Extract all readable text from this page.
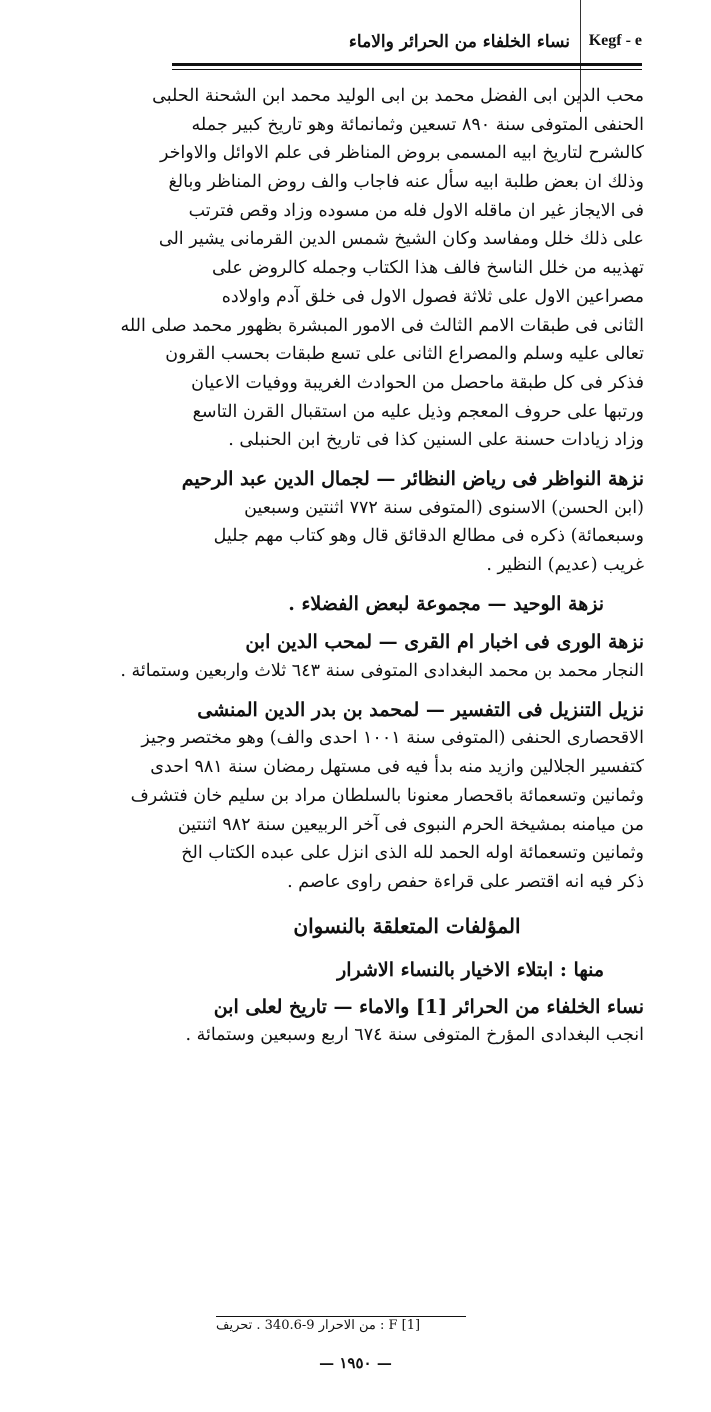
نساء الخلفاء من الحرائر والاماء Kegf - e
محب الدين ابى الفضل محمد بن ابى الوليد محمد ابن الشحنة الحلبى
الحنفى المتوفى سنة ٨٩٠ تسعين وثمانمائة وهو تاريخ كبير جمله
كالشرح لتاريخ ابيه المسمى بروض المناظر فى علم الاوائل والاواخر
وذلك ان بعض طلبة ابيه سأل عنه فاجاب والف روض المناظر وبالغ
فى الايجاز غير ان ماقله الاول فله من مسوده وزاد وقص فترتب
على ذلك خلل ومفاسد وكان الشيخ شمس الدين القرمانى يشير الى
تهذيبه من خلل الناسخ فالف هذا الكتاب وجمله كالروض على
مصراعين الاول على ثلاثة فصول الاول فى خلق آدم واولاده
الثانى فى طبقات الامم الثالث فى الامور المبشرة بظهور محمد صلى الله
تعالى عليه وسلم والمصراع الثانى على تسع طبقات بحسب القرون
فذكر فى كل طبقة ماحصل من الحوادث الغريبة ووفيات الاعيان
ورتبها على حروف المعجم وذيل عليه من استقبال القرن التاسع
وزاد زيادات حسنة على السنين كذا فى تاريخ ابن الحنبلى .
نزهة النواظر فى رياض النظائر — لجمال الدين عبد الرحيم
(ابن الحسن) الاسنوى (المتوفى سنة ٧٧٢ اثنتين وسبعين
وسبعمائة) ذكره فى مطالع الدقائق قال وهو كتاب مهم جليل
غريب (عديم) النظير .
نزهة الوحيد — مجموعة لبعض الفضلاء .
نزهة الورى فى اخبار ام القرى — لمحب الدين ابن
النجار محمد بن محمد البغدادى المتوفى سنة ٦٤٣ ثلاث واربعين وستمائة .
نزيل التنزيل فى التفسير — لمحمد بن بدر الدين المنشى
الاقحصارى الحنفى (المتوفى سنة ١٠٠١ احدى والف) وهو مختصر وجيز
كتفسير الجلالين وازيد منه بدأ فيه فى مستهل رمضان سنة ٩٨١ احدى
وثمانين وتسعمائة باقحصار معنونا بالسلطان مراد بن سليم خان فتشرف
من ميامنه بمشيخة الحرم النبوى فى آخر الربيعين سنة ٩٨٢ اثنتين
وثمانين وتسعمائة اوله الحمد لله الذى انزل على عبده الكتاب الخ
ذكر فيه انه اقتصر على قراءة حفص راوى عاصم .
المؤلفات المتعلقة بالنسوان
منها : ابتلاء الاخيار بالنساء الاشرار
نساء الخلفاء من الحرائر [1] والاماء — تاريخ لعلى ابن
انجب البغدادى المؤرخ المتوفى سنة ٦٧٤ اربع وسبعين وستمائة .
[1] F : من الاحرار 9-340.6 . تحريف
— ١٩٥٠ —
